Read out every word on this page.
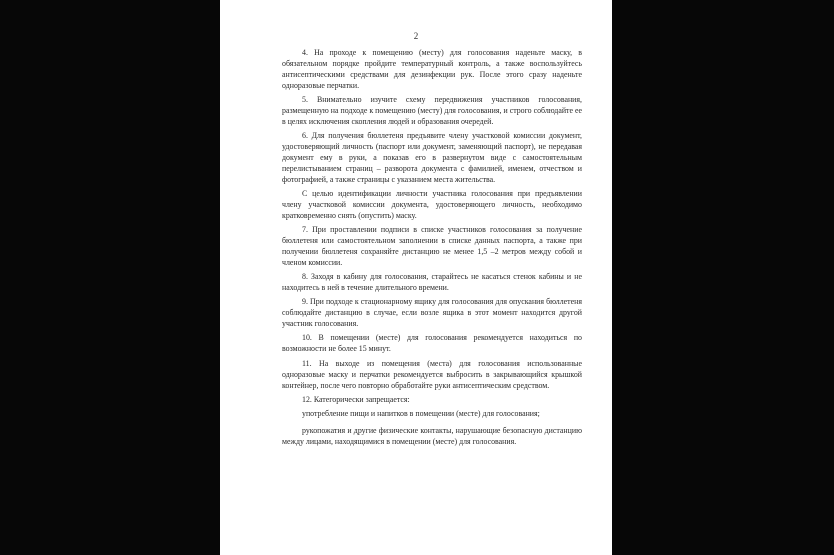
2

4. На проходе к помещению (месту) для голосования наденьте маску, в обязательном порядке пройдите температурный контроль, а также воспользуйтесь антисептическими средствами для дезинфекции рук. После этого сразу наденьте одноразовые перчатки.

5. Внимательно изучите схему передвижения участников голосования, размещенную на подходе к помещению (месту) для голосования, и строго соблюдайте ее в целях исключения скопления людей и образования очередей.

6. Для получения бюллетеня предъявите члену участковой комиссии документ, удостоверяющий личность (паспорт или документ, заменяющий паспорт), не передавая документ ему в руки, а показав его в развернутом виде с самостоятельным перелистыванием страниц – разворота документа с фамилией, именем, отчеством и фотографией, а также страницы с указанием места жительства.

С целью идентификации личности участника голосования при предъявлении члену участковой комиссии документа, удостоверяющего личность, необходимо кратковременно снять (опустить) маску.

7. При проставлении подписи в списке участников голосования за получение бюллетеня или самостоятельном заполнении в списке данных паспорта, а также при получении бюллетеня сохраняйте дистанцию не менее 1,5 –2 метров между собой и членом комиссии.

8. Заходя в кабину для голосования, старайтесь не касаться стенок кабины и не находитесь в ней в течение длительного времени.

9. При подходе к стационарному ящику для голосования для опускания бюллетеня соблюдайте дистанцию в случае, если возле ящика в этот момент находится другой участник голосования.

10. В помещении (месте) для голосования рекомендуется находиться по возможности не более 15 минут.

11. На выходе из помещения (места) для голосования использованные одноразовые маску и перчатки рекомендуется выбросить в закрывающийся крышкой контейнер, после чего повторно обработайте руки антисептическим средством.

12. Категорически запрещается:

употребление пищи и напитков в помещении (месте) для голосования;

рукопожатия и другие физические контакты, нарушающие безопасную дистанцию между лицами, находящимися в помещении (месте) для голосования.
